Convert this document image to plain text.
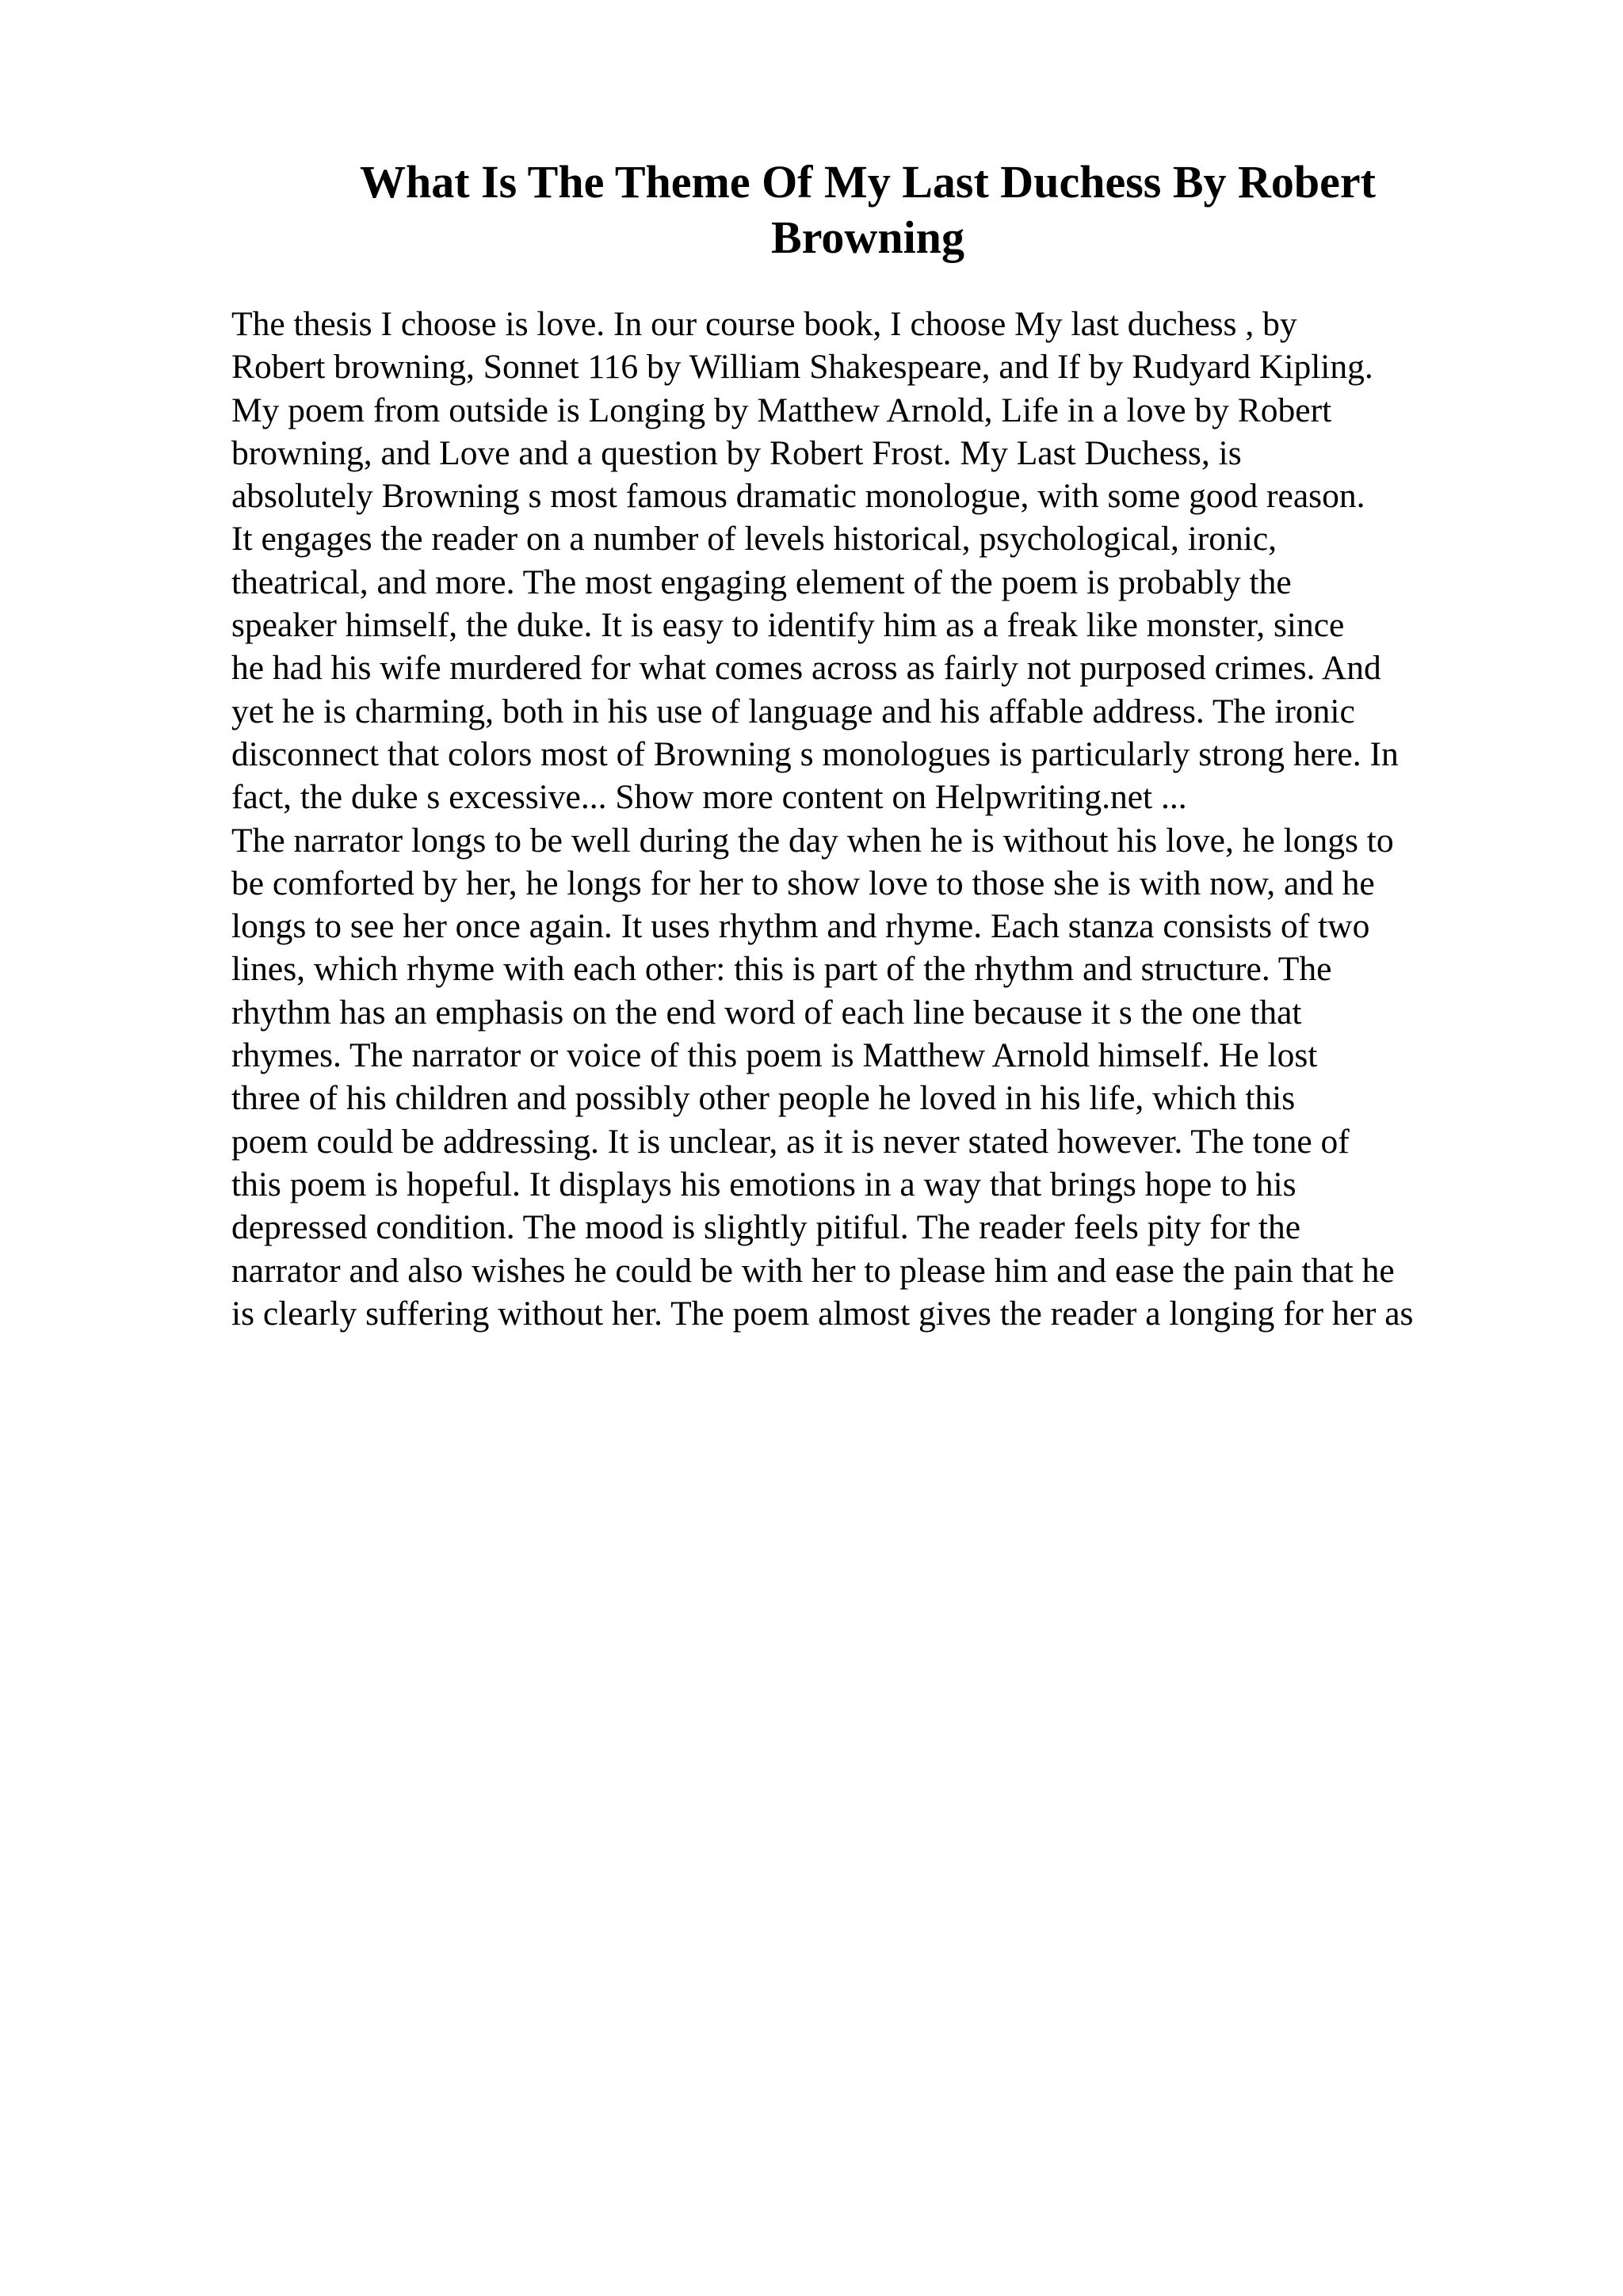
What Is The Theme Of My Last Duchess By Robert
Browning
The thesis I choose is love. In our course book, I choose My last duchess , by
Robert browning, Sonnet 116 by William Shakespeare, and If by Rudyard Kipling.
My poem from outside is Longing by Matthew Arnold, Life in a love by Robert
browning, and Love and a question by Robert Frost. My Last Duchess, is
absolutely Browning s most famous dramatic monologue, with some good reason.
It engages the reader on a number of levels historical, psychological, ironic,
theatrical, and more. The most engaging element of the poem is probably the
speaker himself, the duke. It is easy to identify him as a freak like monster, since
he had his wife murdered for what comes across as fairly not purposed crimes. And
yet he is charming, both in his use of language and his affable address. The ironic
disconnect that colors most of Browning s monologues is particularly strong here. In
fact, the duke s excessive... Show more content on Helpwriting.net ...
The narrator longs to be well during the day when he is without his love, he longs to
be comforted by her, he longs for her to show love to those she is with now, and he
longs to see her once again. It uses rhythm and rhyme. Each stanza consists of two
lines, which rhyme with each other: this is part of the rhythm and structure. The
rhythm has an emphasis on the end word of each line because it s the one that
rhymes. The narrator or voice of this poem is Matthew Arnold himself. He lost
three of his children and possibly other people he loved in his life, which this
poem could be addressing. It is unclear, as it is never stated however. The tone of
this poem is hopeful. It displays his emotions in a way that brings hope to his
depressed condition. The mood is slightly pitiful. The reader feels pity for the
narrator and also wishes he could be with her to please him and ease the pain that he
is clearly suffering without her. The poem almost gives the reader a longing for her as
